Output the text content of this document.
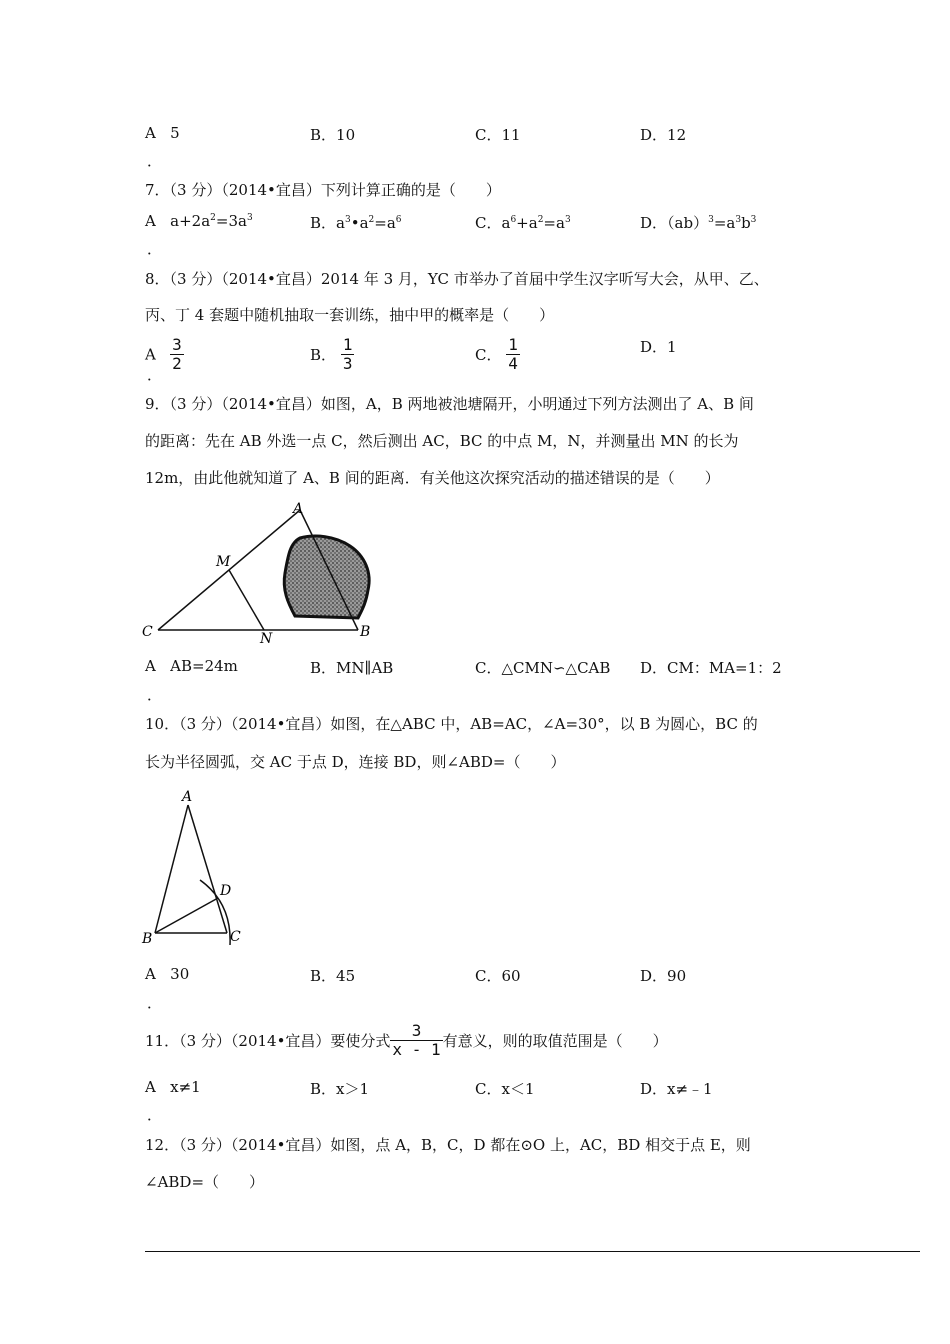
A 5
．
B．10	C．11	D．12
7．（3 分）（2014•宜昌）下列计算正确的是（　　）
A $a+2a^2=3a^3$
．
B．$a^3•a^2=a^6$	C．$a^6+a^2=a^3$	D．$(ab)^3=a^3b^3$
8．（3 分）（2014•宜昌）2014 年 3 月，YC 市举办了首届中学生汉字听写大会，从甲、乙、
丙、丁 4 套题中随机抽取一套训练，抽中甲的概率是（　　）
A $\frac{3}{2}$
．
B． $\frac{1}{3}$	C． $\frac{1}{4}$	D．1
9．（3 分）（2014•宜昌）如图，A，B 两地被池塘隔开，小明通过下列方法测出了 A、B 间
的距离：先在 AB 外选一点 C，然后测出 AC，BC 的中点 M，N，并测量出 MN 的长为
12m，由此他就知道了 A、B 间的距离．有关他这次探究活动的描述错误的是（　　）
A
M
C	N	B
A AB=24m
．
B．MN∥AB	C．△CMN∽△CAB D．CM：MA=1：2
10．（3 分）（2014•宜昌）如图，在△ABC 中，AB=AC，∠A=30°，以 B 为圆心，BC 的
长为半径圆弧，交 AC 于点 D，连接 BD，则∠ABD=（　　）
A
D
B	C
A 30
．
B．45	C．60	D．90
11．（3 分）（2014•宜昌）要使分式 $\frac{3}{x - 1}$ 有意义，则的取值范围是（　　）
A x≠1
．
B．x＞1	C．x＜1	D．x≠﹣1
12．（3 分）（2014•宜昌）如图，点 A，B，C，D 都在⊙O 上，AC，BD 相交于点 E，则
∠ABD=（　　）
